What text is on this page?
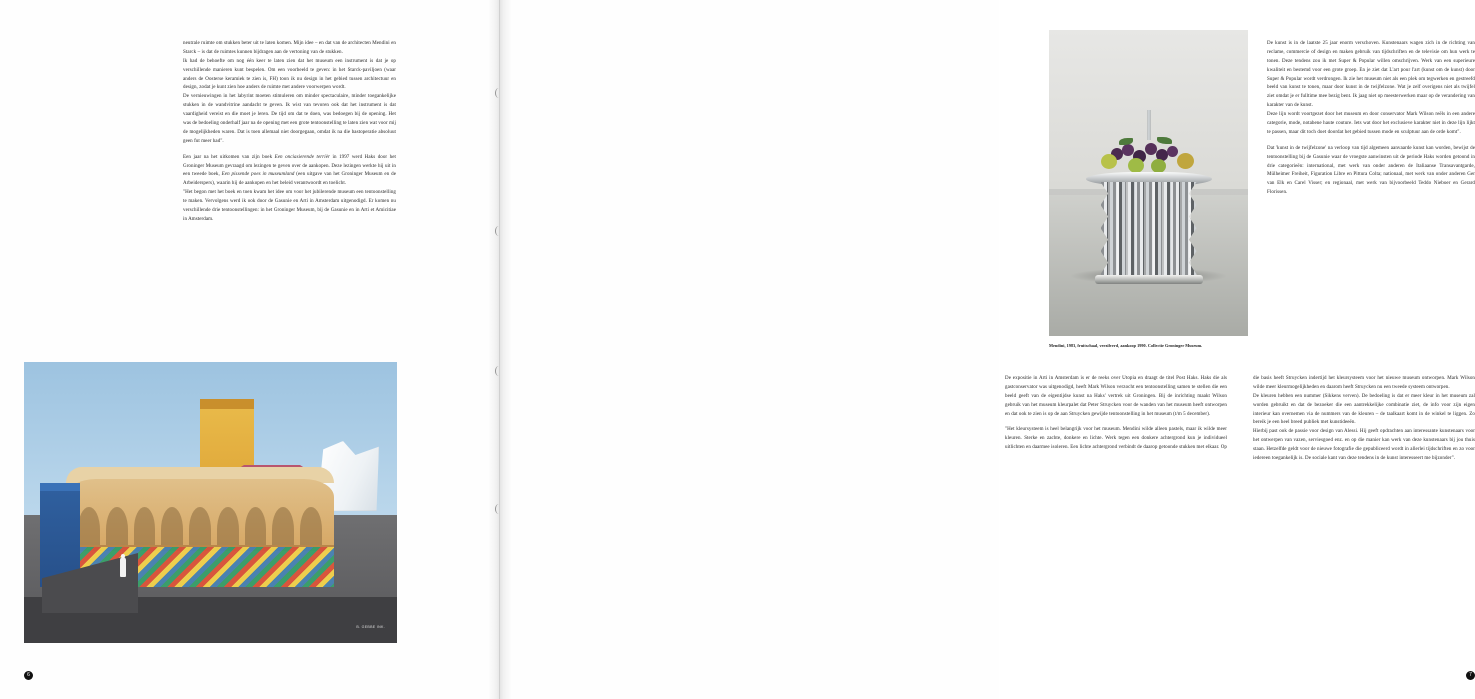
neutrale ruimte om stukken beter uit te laten komen. Mijn idee – en dat van de architecten Mendini en Starck – is dat de ruimtes kunnen bijdragen aan de vertoning van de stukken.

Ik had de behoefte om nog één keer te laten zien dat het museum een instrument is dat je op verschillende manieren kunt bespelen. Om een voorbeeld te geven: in het Starck-paviljoen (waar anders de Oosterse keramiek te zien is, FH) toon ik nu design in het gebied tussen architectuur en design, zodat je kunt zien hoe anders de ruimte met andere voorwerpen wordt.

De vernieuwingen in het labyrint moeten stimuleren om minder spectaculaire, minder toegankelijke stukken in de wandvitrine aandacht te geven. Ik wist van tevoren ook dat het instrument is dat vaardigheid vereist en die moet je leren. De tijd om dat te doen, was bedoegen bij de opening. Het was de bedoeling onderhalf jaar na de opening met een grote tentoonstelling te laten zien wat voor mij de mogelijkheden waren. Dat is toen allemaal niet doorgegaan, omdat ik na die bastoperatie absoluut geen fut meer had".

Een jaar na het uitkomen van zijn boek Een onciasierende terrièr in 1997 werd Haks door het Groninger Museum gevraagd om lezingen te geven over de aankopen. Deze lezingen werkte hij uit in een tweede boek, Een pissende poes in museumland (een uitgave van het Groninger Museum en de Arbeiderspers), waarin hij de aankopen en het beleid verantwoordt en toelicht.

"Het begon met het boek en toen kwam het idee om voor het jubilerende museum een tentoonstelling te maken. Vervolgens werd ik ook door de Gasunie en Arti in Amsterdam uitgenodigd. Er komen nu verschillende drie tentoonstellingen: in het Groninger Museum, bij de Gasunie en in Arti et Amicitiae in Amsterdam.

B. GEBBE INK.
6
Mendini, 1983, fruitschaal, verzilverd, aankoop 1990. Collectie Groninger Museum.

De kunst is in de laatste 25 jaar enorm verschoven. Kunstenaars wagen zich in de richting van reclame, commercie of design en maken gebruik van tijdschriften en de televisie om hun werk te tonen. Deze tendens zou ik met Super & Popular willen omschrijven. Werk van een superieure kwaliteit en bestemd voor een grote groep. En je ziet dat L'art pour l'art (kunst om de kunst) door Super & Popular wordt verdrongen. Ik zie het museum niet als een plek om tegwerken en gestreefd beeld van kunst te tonen, maar door kunst in de twijfelzone. Wat je zelf overigens niet als twijfel ziet omdat je er fulltime mee bezig bent. Ik jaag niet op meesterwerken maar op de verandering van karakter van de kunst.

Deze lijn wordt voortgezet door het museum en door conservator Mark Wilson reëls in een andere categorie, mode, notabene haute couture. Iets wat door het exclusieve karakter niet in deze lijn lijkt te passen, maar dit toch doet doordat het gebied tussen mode en sculptuur aan de orde komt".

Dat 'kunst in de twijfelzone' na verloop van tijd algemeen aanvaarde kunst kan worden, bewijst de tentoonstelling bij de Gasunie waar de vroegste aanwinsten uit de periode Haks worden getoond in drie categorieën: international, met werk van onder anderen de Italiaanse Transavantgarde, Mülheimer Freiheit, Figuration Libre en Pittura Colta; nationaal, met werk van onder anderen Ger van Elk en Carel Visser; en regionaal, met werk van bijvoorbeeld Teddo Nieboer en Gerard Florissen.

De expositie in Arti in Amsterdam is er de reeks over Utopia en draagt de titel Post Haks. Haks die als gastconservator was uitgenodigd, heeft Mark Wilson verzocht een tentoonstelling samen te stellen die een beeld geeft van de eigentijdse kunst na Haks' vertrek uit Groningen. Bij de inrichting maakt Wilson gebruik van het museum kleurpalet dat Peter Struycken voor de wanden van het museum heeft ontworpen en dat ook te zien is op de aan Struycken gewijde tentoonstelling in het museum (t/m 5 december).

"Het kleursysteem is heel belangrijk voor het museum. Mendini wilde alleen pastels, maar ik wilde meer kleuren. Sterke en zachte, donkere en lichte. Werk tegen een donkere achtergrond kun je individueel uitlichten en daarmee isoleren. Een lichte achtergrond verbindt de daarop getoonde stukken met elkaar. Op die basis heeft Struycken indertijd het kleursysteem voor het nieuwe museum ontworpen. Mark Wilson wilde meer kleurmogelijkheden en daarom heeft Struycken nu een tweede systeem ontworpen.

De kleuren hebben een nummer (Sikkens verven). De bedoeling is dat er meer kleur in het museum zal worden gebruikt en dat de bezoeker die een aantrekkelijke combinatie ziet, de info voor zijn eigen interieur kan overnemen via de nummers van de kleuren – de taalkaart komt in de winkel te liggen. Zo bereik je een heel breed publiek met kunstideeën.

Hierbij past ook de passie voor design van Alessi. Hij geeft opdrachten aan interessante kunstenaars voor het ontwerpen van vazen, serviesgoed enz. en op die manier kan werk van deze kunstenaars bij jou thuis staan. Hetzelfde geldt voor de nieuwe fotografie die gepubliceerd wordt in allerlei tijdschriften en zo voor iedereen toegankelijk is. De sociale kant van deze tendens in de kunst interesseert me bijzonder".

7
